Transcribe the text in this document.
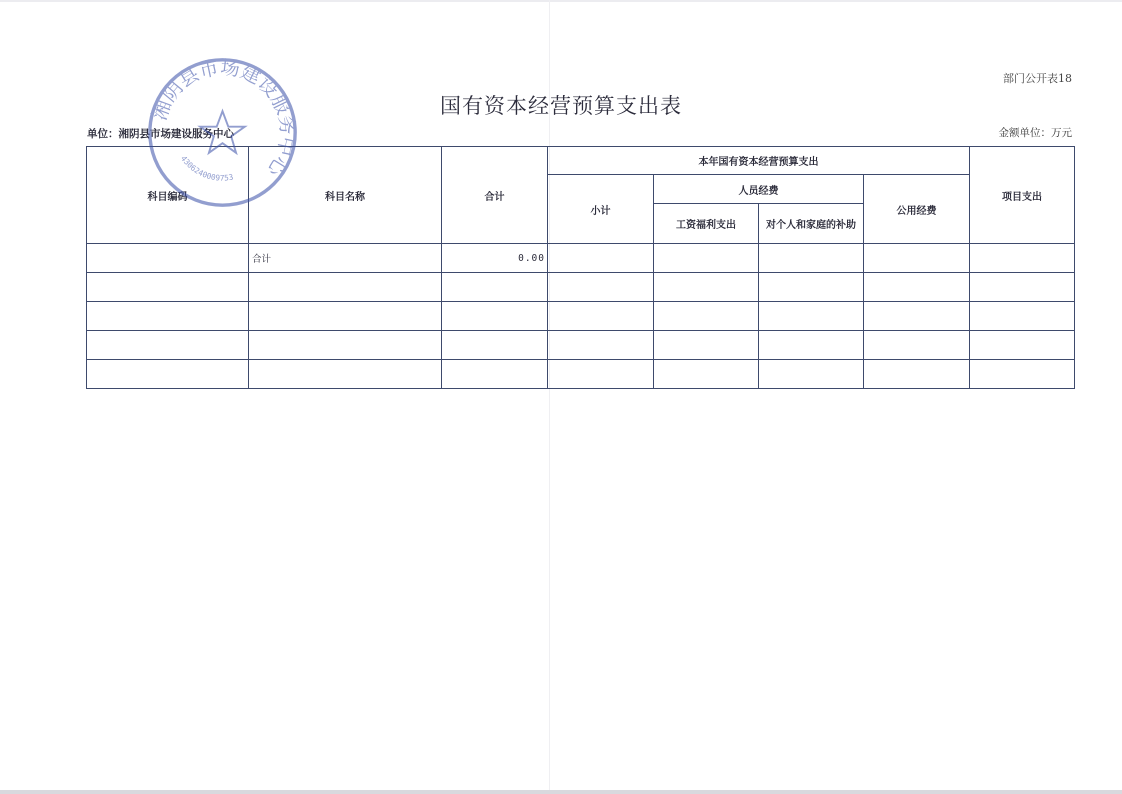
部门公开表18
国有资本经营预算支出表
单位：湘阴县市场建设服务中心	金额单位：万元
科目编码	科目名称	合计	本年国有资本经营预算支出				项目支出
			小计	人员经费		公用经费	
				工资福利支出	对个人和家庭的补助		
	合计	0.00					

湘阴县市场建设服务中心
4306240009753
